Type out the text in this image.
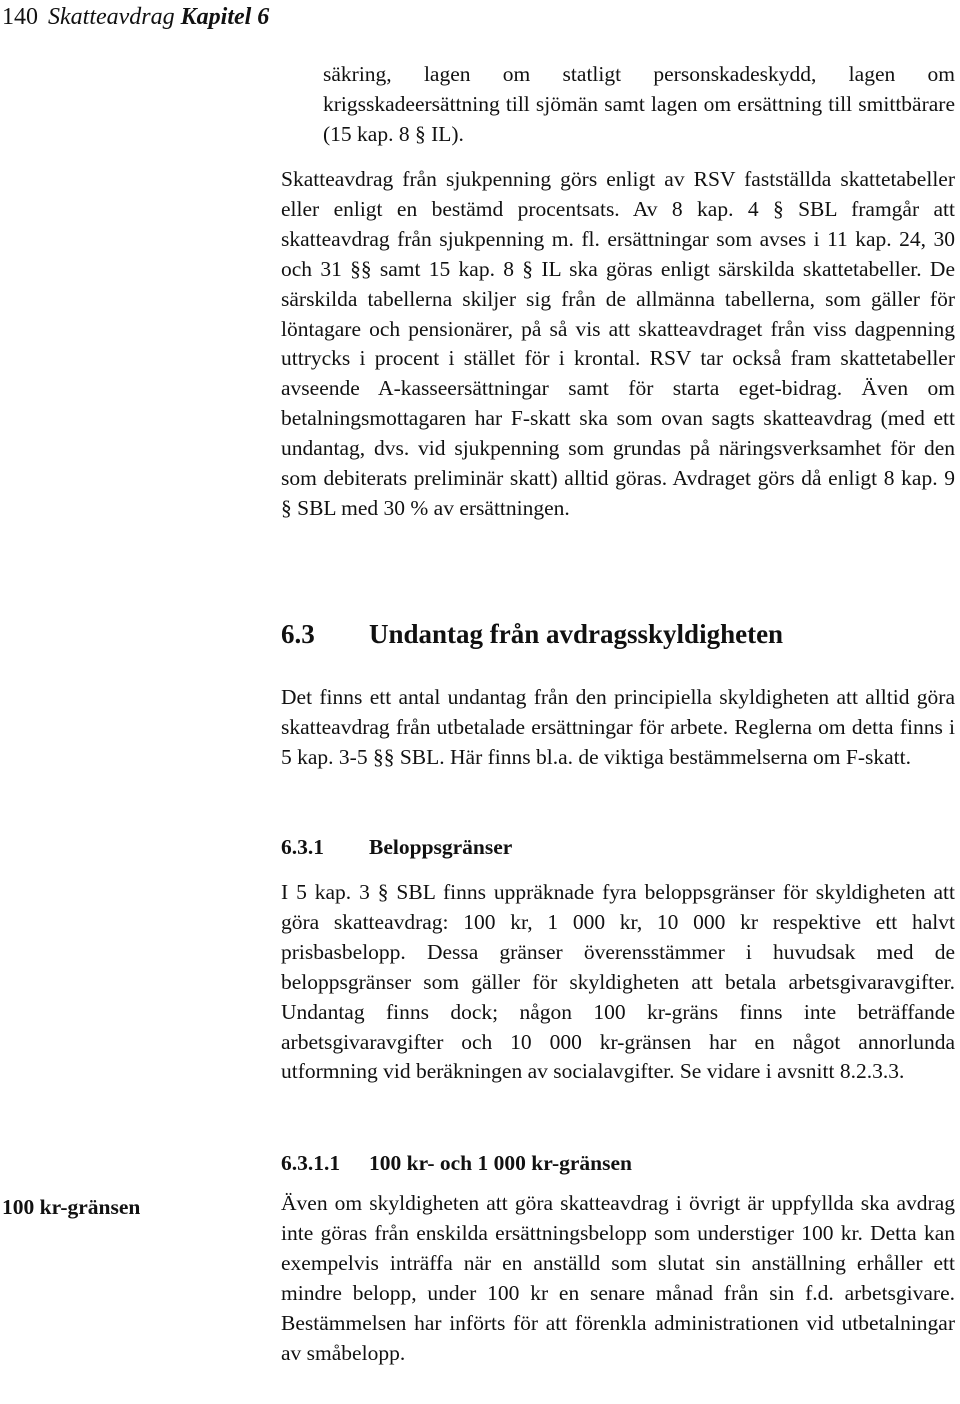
140 Skatteavdrag Kapitel 6

säkring, lagen om statligt personskadeskydd, lagen om krigsskadeersättning till sjömän samt lagen om ersättning till smittbärare (15 kap. 8 § IL).

Skatteavdrag från sjukpenning görs enligt av RSV fastställda skattetabeller eller enligt en bestämd procentsats. Av 8 kap. 4 § SBL framgår att skatteavdrag från sjukpenning m. fl. ersättningar som avses i 11 kap. 24, 30 och 31 §§ samt 15 kap. 8 § IL ska göras enligt särskilda skattetabeller. De särskilda tabellerna skiljer sig från de allmänna tabellerna, som gäller för löntagare och pensionärer, på så vis att skatteavdraget från viss dagpenning uttrycks i procent i stället för i krontal. RSV tar också fram skattetabeller avseende A-kasseersättningar samt för starta eget-bidrag. Även om betalningsmottagaren har F-skatt ska som ovan sagts skatteavdrag (med ett undantag, dvs. vid sjukpenning som grundas på näringsverksamhet för den som debiterats preliminär skatt) alltid göras. Avdraget görs då enligt 8 kap. 9 § SBL med 30 % av ersättningen.

6.3 Undantag från avdragsskyldigheten

Det finns ett antal undantag från den principiella skyldigheten att alltid göra skatteavdrag från utbetalade ersättningar för arbete. Reglerna om detta finns i 5 kap. 3-5 §§ SBL. Här finns bl.a. de viktiga bestämmelserna om F-skatt.

6.3.1 Beloppsgränser

I 5 kap. 3 § SBL finns uppräknade fyra beloppsgränser för skyldigheten att göra skatteavdrag: 100 kr, 1 000 kr, 10 000 kr respektive ett halvt prisbasbelopp. Dessa gränser överensstämmer i huvudsak med de beloppsgränser som gäller för skyldigheten att betala arbetsgivaravgifter. Undantag finns dock; någon 100 kr-gräns finns inte beträffande arbetsgivaravgifter och 10 000 kr-gränsen har en något annorlunda utformning vid beräkningen av socialavgifter. Se vidare i avsnitt 8.2.3.3.

6.3.1.1 100 kr- och 1 000 kr-gränsen
100 kr-gränsen	Även om skyldigheten att göra skatteavdrag i övrigt är uppfyllda ska avdrag inte göras från enskilda ersättningsbelopp som understiger 100 kr. Detta kan exempelvis inträffa när en anställd som slutat sin anställning erhåller ett mindre belopp, under 100 kr en senare månad från sin f.d. arbetsgivare. Bestämmelsen har införts för att förenkla administrationen vid utbetalningar av småbelopp.
